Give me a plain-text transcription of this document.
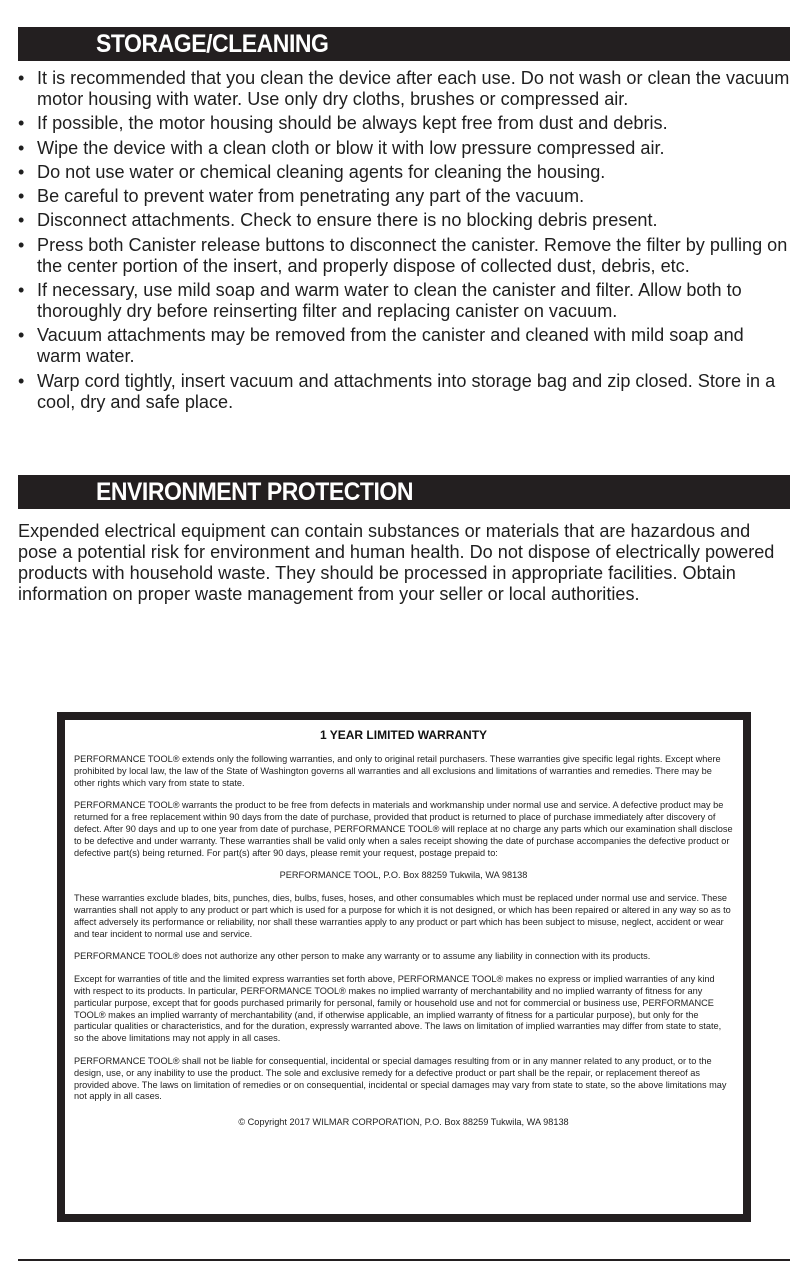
STORAGE/CLEANING
• It is recommended that you clean the device after each use. Do not wash or clean the vacuum motor housing with water. Use only dry cloths, brushes or compressed air.
• If possible, the motor housing should be always kept free from dust and debris.
• Wipe the device with a clean cloth or blow it with low pressure compressed air.
• Do not use water or chemical cleaning agents for cleaning the housing.
• Be careful to prevent water from penetrating any part of the vacuum.
• Disconnect attachments. Check to ensure there is no blocking debris present.
• Press both Canister release buttons to disconnect the canister. Remove the filter by pulling on the center portion of the insert, and properly dispose of collected dust, debris, etc.
• If necessary, use mild soap and warm water to clean the canister and filter. Allow both to thoroughly dry before reinserting filter and replacing canister on vacuum.
• Vacuum attachments may be removed from the canister and cleaned with mild soap and warm water.
• Warp cord tightly, insert vacuum and attachments into storage bag and zip closed. Store in a cool, dry and safe place.
ENVIRONMENT PROTECTION

Expended electrical equipment can contain substances or materials that are hazardous and pose a potential risk for environment and human health. Do not dispose of electrically powered products with household waste. They should be processed in appropriate facilities. Obtain information on proper waste management from your seller or local authorities.

1 YEAR LIMITED WARRANTY

PERFORMANCE TOOL® extends only the following warranties, and only to original retail purchasers. These warranties give specific legal rights. Except where prohibited by local law, the law of the State of Washington governs all warranties and all exclusions and limitations of warranties and remedies. There may be other rights which vary from state to state.

PERFORMANCE TOOL® warrants the product to be free from defects in materials and workmanship under normal use and service. A defective product may be returned for a free replacement within 90 days from the date of purchase, provided that product is returned to place of purchase immediately after discovery of defect. After 90 days and up to one year from date of purchase, PERFORMANCE TOOL® will replace at no charge any parts which our examination shall disclose to be defective and under warranty. These warranties shall be valid only when a sales receipt showing the date of purchase accompanies the defective product or defective part(s) being returned. For part(s) after 90 days, please remit your request, postage prepaid to:

PERFORMANCE TOOL, P.O. Box 88259 Tukwila, WA 98138

These warranties exclude blades, bits, punches, dies, bulbs, fuses, hoses, and other consumables which must be replaced under normal use and service. These warranties shall not apply to any product or part which is used for a purpose for which it is not designed, or which has been repaired or altered in any way so as to affect adversely its performance or reliability, nor shall these warranties apply to any product or part which has been subject to misuse, neglect, accident or wear and tear incident to normal use and service.

PERFORMANCE TOOL® does not authorize any other person to make any warranty or to assume any liability in connection with its products.

Except for warranties of title and the limited express warranties set forth above, PERFORMANCE TOOL® makes no express or implied warranties of any kind with respect to its products. In particular, PERFORMANCE TOOL® makes no implied warranty of merchantability and no implied warranty of fitness for any particular purpose, except that for goods purchased primarily for personal, family or household use and not for commercial or business use, PERFORMANCE TOOL® makes an implied warranty of merchantability (and, if otherwise applicable, an implied warranty of fitness for a particular purpose), but only for the particular qualities or characteristics, and for the duration, expressly warranted above. The laws on limitation of implied warranties may differ from state to state, so the above limitations may not apply in all cases.

PERFORMANCE TOOL® shall not be liable for consequential, incidental or special damages resulting from or in any manner related to any product, or to the design, use, or any inability to use the product. The sole and exclusive remedy for a defective product or part shall be the repair, or replacement thereof as provided above. The laws on limitation of remedies or on consequential, incidental or special damages may vary from state to state, so the above limitations may not apply in all cases.

© Copyright 2017 WILMAR CORPORATION, P.O. Box 88259 Tukwila, WA 98138
